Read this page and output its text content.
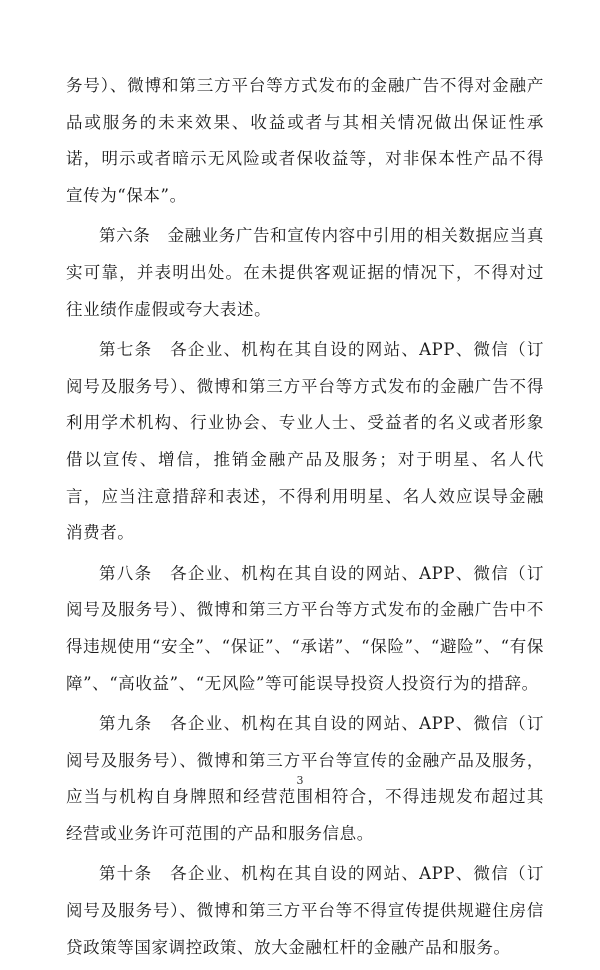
务号）、微博和第三方平台等方式发布的金融广告不得对金融产品或服务的未来效果、收益或者与其相关情况做出保证性承诺，明示或者暗示无风险或者保收益等，对非保本性产品不得宣传为“保本”。

第六条　金融业务广告和宣传内容中引用的相关数据应当真实可靠，并表明出处。在未提供客观证据的情况下，不得对过往业绩作虚假或夸大表述。

第七条　各企业、机构在其自设的网站、APP、微信（订阅号及服务号）、微博和第三方平台等方式发布的金融广告不得利用学术机构、行业协会、专业人士、受益者的名义或者形象借以宣传、增信，推销金融产品及服务；对于明星、名人代言，应当注意措辞和表述，不得利用明星、名人效应误导金融消费者。

第八条　各企业、机构在其自设的网站、APP、微信（订阅号及服务号）、微博和第三方平台等方式发布的金融广告中不得违规使用“安全”、“保证”、“承诺”、“保险”、“避险”、“有保障”、“高收益”、“无风险”等可能误导投资人投资行为的措辞。

第九条　各企业、机构在其自设的网站、APP、微信（订阅号及服务号）、微博和第三方平台等宣传的金融产品及服务，应当与机构自身牌照和经营范围相符合，不得违规发布超过其经营或业务许可范围的产品和服务信息。

第十条　各企业、机构在其自设的网站、APP、微信（订阅号及服务号）、微博和第三方平台等不得宣传提供规避住房信贷政策等国家调控政策、放大金融杠杆的金融产品和服务。

3
